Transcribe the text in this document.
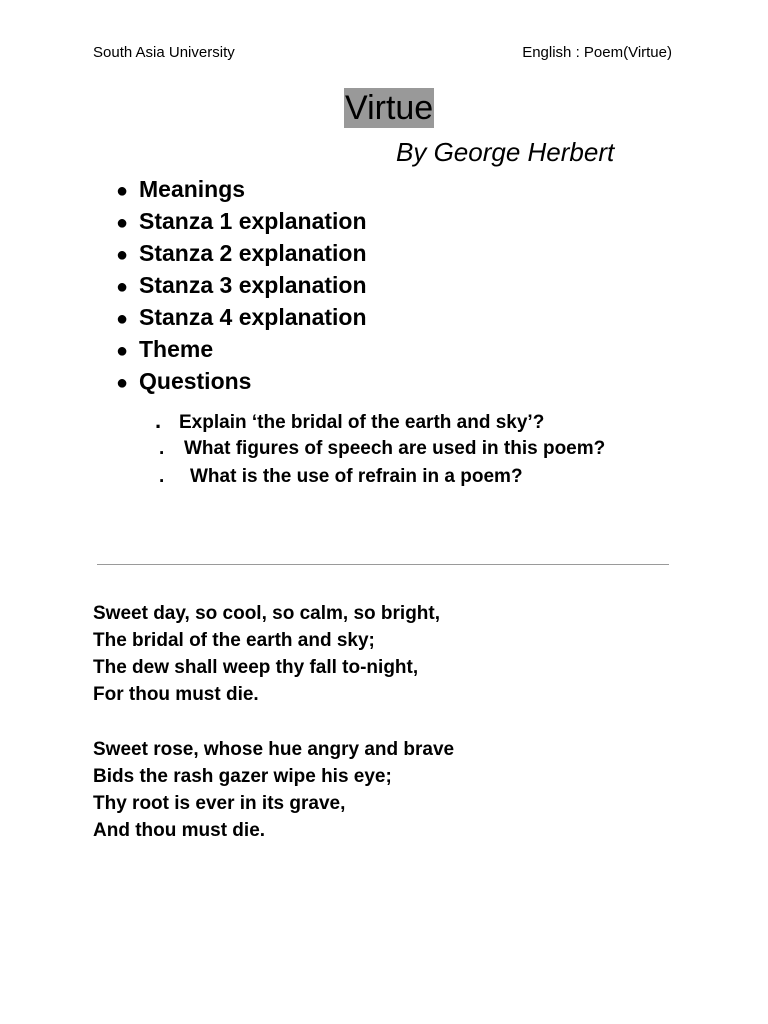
South Asia University	English : Poem(Virtue)
Virtue
By George Herbert
● Meanings
● Stanza 1 explanation
● Stanza 2 explanation
● Stanza 3 explanation
● Stanza 4 explanation
● Theme
● Questions
. Explain ‘the bridal of the earth and sky’?
. What figures of speech are used in this poem?
. What is the use of refrain in a poem?
Sweet day, so cool, so calm, so bright,
The bridal of the earth and sky;
The dew shall weep thy fall to-night,
For thou must die.
Sweet rose, whose hue angry and brave
Bids the rash gazer wipe his eye;
Thy root is ever in its grave,
And thou must die.
